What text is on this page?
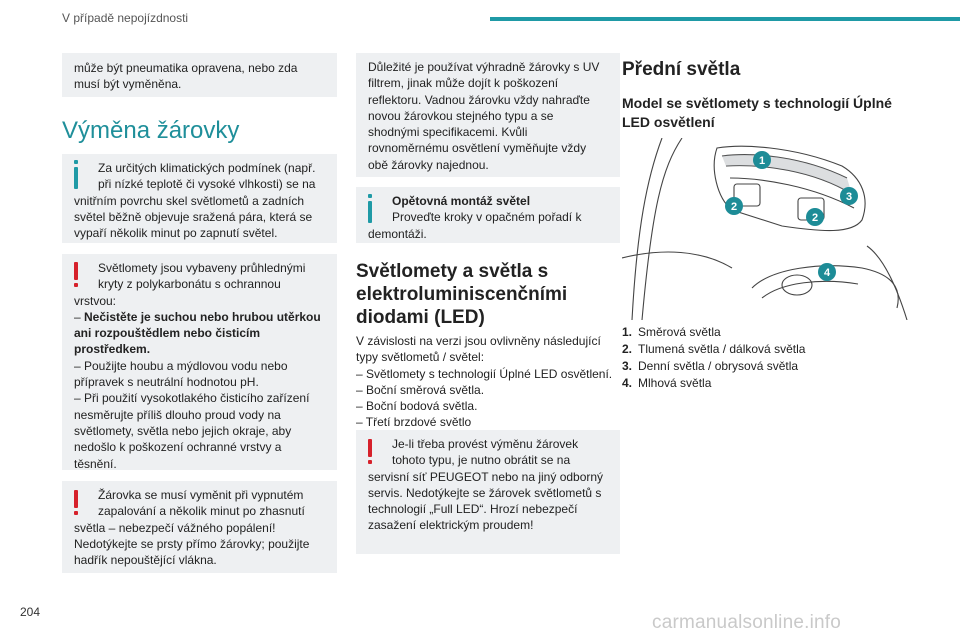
V případě nepojízdnosti
může být pneumatika opravena, nebo zda musí být vyměněna.
Výměna žárovky
Za určitých klimatických podmínek (např.
při nízké teplotě či vysoké vlhkosti) se na
vnitřním povrchu skel světlometů a zadních světel běžně objevuje sražená pára, která se vypaří několik minut po zapnutí světel.
Světlomety jsou vybaveny průhlednými
kryty z polykarbonátu s ochrannou
vrstvou:
– Nečistěte je suchou nebo hrubou utěrkou ani rozpouštědlem nebo čisticím prostředkem.
– Použijte houbu a mýdlovou vodu nebo přípravek s neutrální hodnotou pH.
– Při použití vysokotlakého čisticího zařízení nesměrujte příliš dlouho proud vody na světlomety, světla nebo jejich okraje, aby nedošlo k poškození ochranné vrstvy a těsnění.
Žárovka se musí vyměnit při vypnutém
zapalování a několik minut po zhasnutí
světla – nebezpečí vážného popálení! Nedotýkejte se prsty přímo žárovky; použijte hadřík nepouštějící vlákna.
Důležité je používat výhradně žárovky s UV filtrem, jinak může dojít k poškození reflektoru. Vadnou žárovku vždy nahraďte novou žárovkou stejného typu a se shodnými specifikacemi. Kvůli rovnoměrnému osvětlení vyměňujte vždy obě žárovky najednou.
Opětovná montáž světel
Proveďte kroky v opačném pořadí k
demontáži.
Světlomety a světla s elektroluminiscenčními diodami (LED)
V závislosti na verzi jsou ovlivněny následující typy světlometů / světel:
– Světlomety s technologií Úplné LED osvětlení.
– Boční směrová světla.
– Boční bodová světla.
– Třetí brzdové světlo
Je-li třeba provést výměnu žárovek
tohoto typu, je nutno obrátit se na
servisní síť PEUGEOT nebo na jiný odborný servis. Nedotýkejte se žárovek světlometů s technologií „Full LED“. Hrozí nebezpečí zasažení elektrickým proudem!
Přední světla
Model se světlomety s technologií Úplné LED osvětlení
1
2
2
3
4
1. Směrová světla
2. Tlumená světla / dálková světla
3. Denní světla / obrysová světla
4. Mlhová světla
204	carmanualsonline.info
